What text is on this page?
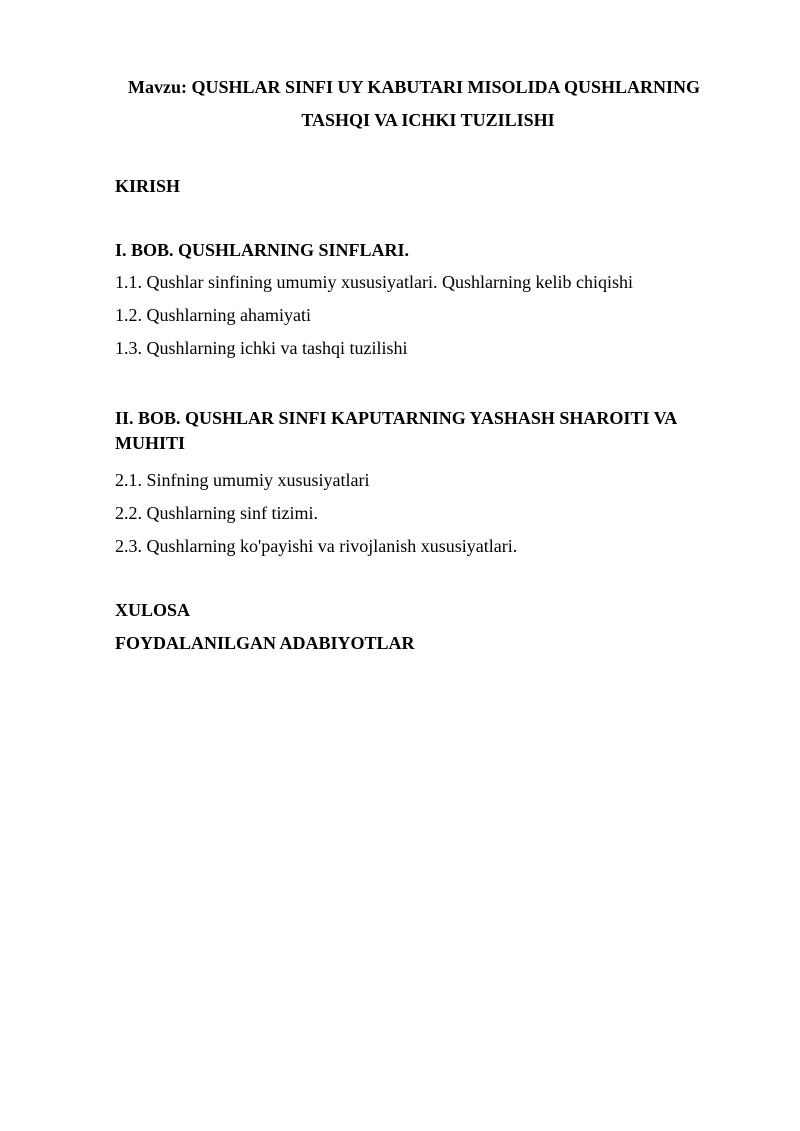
Mavzu: QUSHLAR SINFI UY KABUTARI MISOLIDA QUSHLARNING
TASHQI VA ICHKI TUZILISHI
KIRISH
I. BOB. QUSHLARNING SINFLARI.
1.1. Qushlar sinfining umumiy xususiyatlari. Qushlarning kelib chiqishi
1.2. Qushlarning ahamiyati
1.3. Qushlarning ichki va tashqi tuzilishi
II. BOB. QUSHLAR SINFI KAPUTARNING YASHASH SHAROITI VA
MUHITI
2.1. Sinfning umumiy xususiyatlari
2.2. Qushlarning sinf tizimi.
2.3. Qushlarning ko'payishi va rivojlanish xususiyatlari.
XULOSA
FOYDALANILGAN ADABIYOTLAR
